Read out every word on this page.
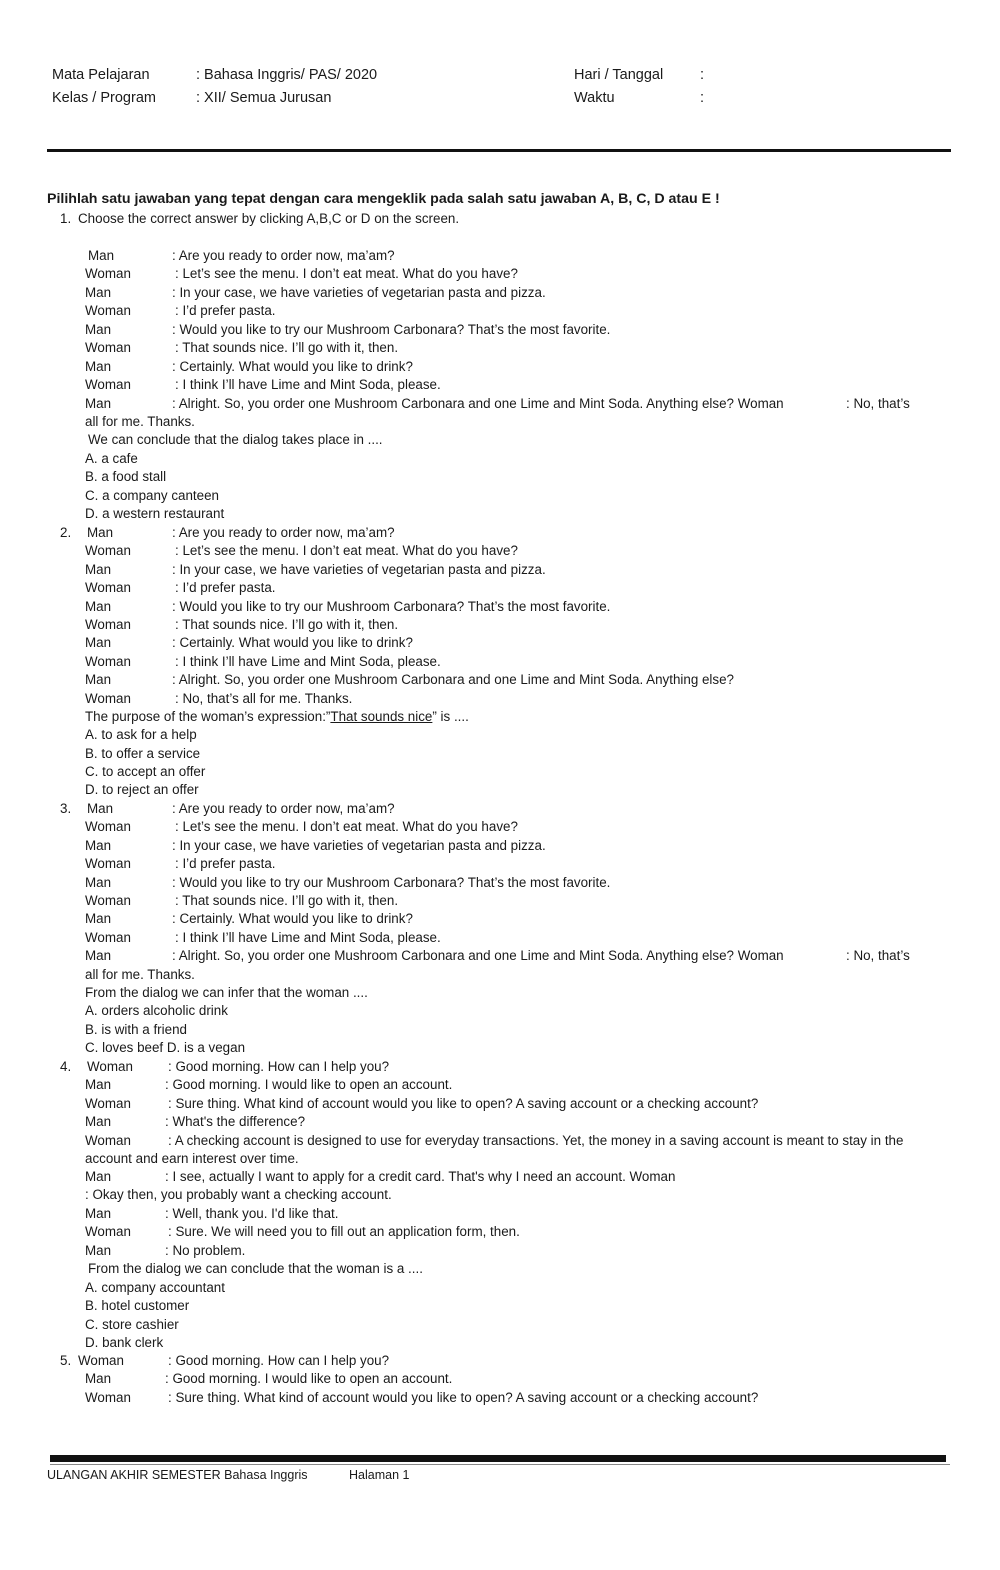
Mata Pelajaran	: Bahasa Inggris/ PAS/ 2020	Hari / Tanggal	:
Kelas / Program	: XII/ Semua Jurusan	Waktu	:
Pilihlah satu jawaban yang tepat dengan cara mengeklik pada salah satu jawaban A, B, C, D atau E !
1. Choose the correct answer by clicking A,B,C or D on the screen.
Man	: Are you ready to order now, ma’am?
Woman	: Let’s see the menu. I don’t eat meat. What do you have?
Man	: In your case, we have varieties of vegetarian pasta and pizza.
Woman	: I’d prefer pasta.
Man	: Would you like to try our Mushroom Carbonara? That’s the most favorite.
Woman	: That sounds nice. I’ll go with it, then.
Man	: Certainly. What would you like to drink?
Woman	: I think I’ll have Lime and Mint Soda, please.
Man	: Alright. So, you order one Mushroom Carbonara and one Lime and Mint Soda. Anything else? Woman	: No, that’s
all for me. Thanks.
We can conclude that the dialog takes place in ....
A. a cafe
B. a food stall
C. a company canteen
D. a western restaurant
2. Man	: Are you ready to order now, ma’am?
Woman	: Let’s see the menu. I don’t eat meat. What do you have?
Man	: In your case, we have varieties of vegetarian pasta and pizza.
Woman	: I’d prefer pasta.
Man	: Would you like to try our Mushroom Carbonara? That’s the most favorite.
Woman	: That sounds nice. I’ll go with it, then.
Man	: Certainly. What would you like to drink?
Woman	: I think I’ll have Lime and Mint Soda, please.
Man	: Alright. So, you order one Mushroom Carbonara and one Lime and Mint Soda. Anything else?
Woman	: No, that’s all for me. Thanks.
The purpose of the woman’s expression:”That sounds nice” is ....
A. to ask for a help
B. to offer a service
C. to accept an offer
D. to reject an offer
3. Man	: Are you ready to order now, ma’am?
Woman	: Let’s see the menu. I don’t eat meat. What do you have?
Man	: In your case, we have varieties of vegetarian pasta and pizza.
Woman	: I’d prefer pasta.
Man	: Would you like to try our Mushroom Carbonara? That’s the most favorite.
Woman	: That sounds nice. I’ll go with it, then.
Man	: Certainly. What would you like to drink?
Woman	: I think I’ll have Lime and Mint Soda, please.
Man	: Alright. So, you order one Mushroom Carbonara and one Lime and Mint Soda. Anything else? Woman	: No, that’s
all for me. Thanks.
From the dialog we can infer that the woman ....
A. orders alcoholic drink
B. is with a friend
C. loves beef D. is a vegan
4. Woman	: Good morning. How can I help you?
Man	: Good morning. I would like to open an account.
Woman	: Sure thing. What kind of account would you like to open? A saving account or a checking account?
Man	: What's the difference?
Woman	: A checking account is designed to use for everyday transactions. Yet, the money in a saving account is meant to stay in the
account and earn interest over time.
Man	: I see, actually I want to apply for a credit card. That's why I need an account. Woman
: Okay then, you probably want a checking account.
Man	: Well, thank you. I'd like that.
Woman	: Sure. We will need you to fill out an application form, then.
Man	: No problem.
From the dialog we can conclude that the woman is a ....
A. company accountant
B. hotel customer
C. store cashier
D. bank clerk
5. Woman	: Good morning. How can I help you?
Man	: Good morning. I would like to open an account.
Woman	: Sure thing. What kind of account would you like to open? A saving account or a checking account?
ULANGAN AKHIR SEMESTER Bahasa Inggris	Halaman 1
